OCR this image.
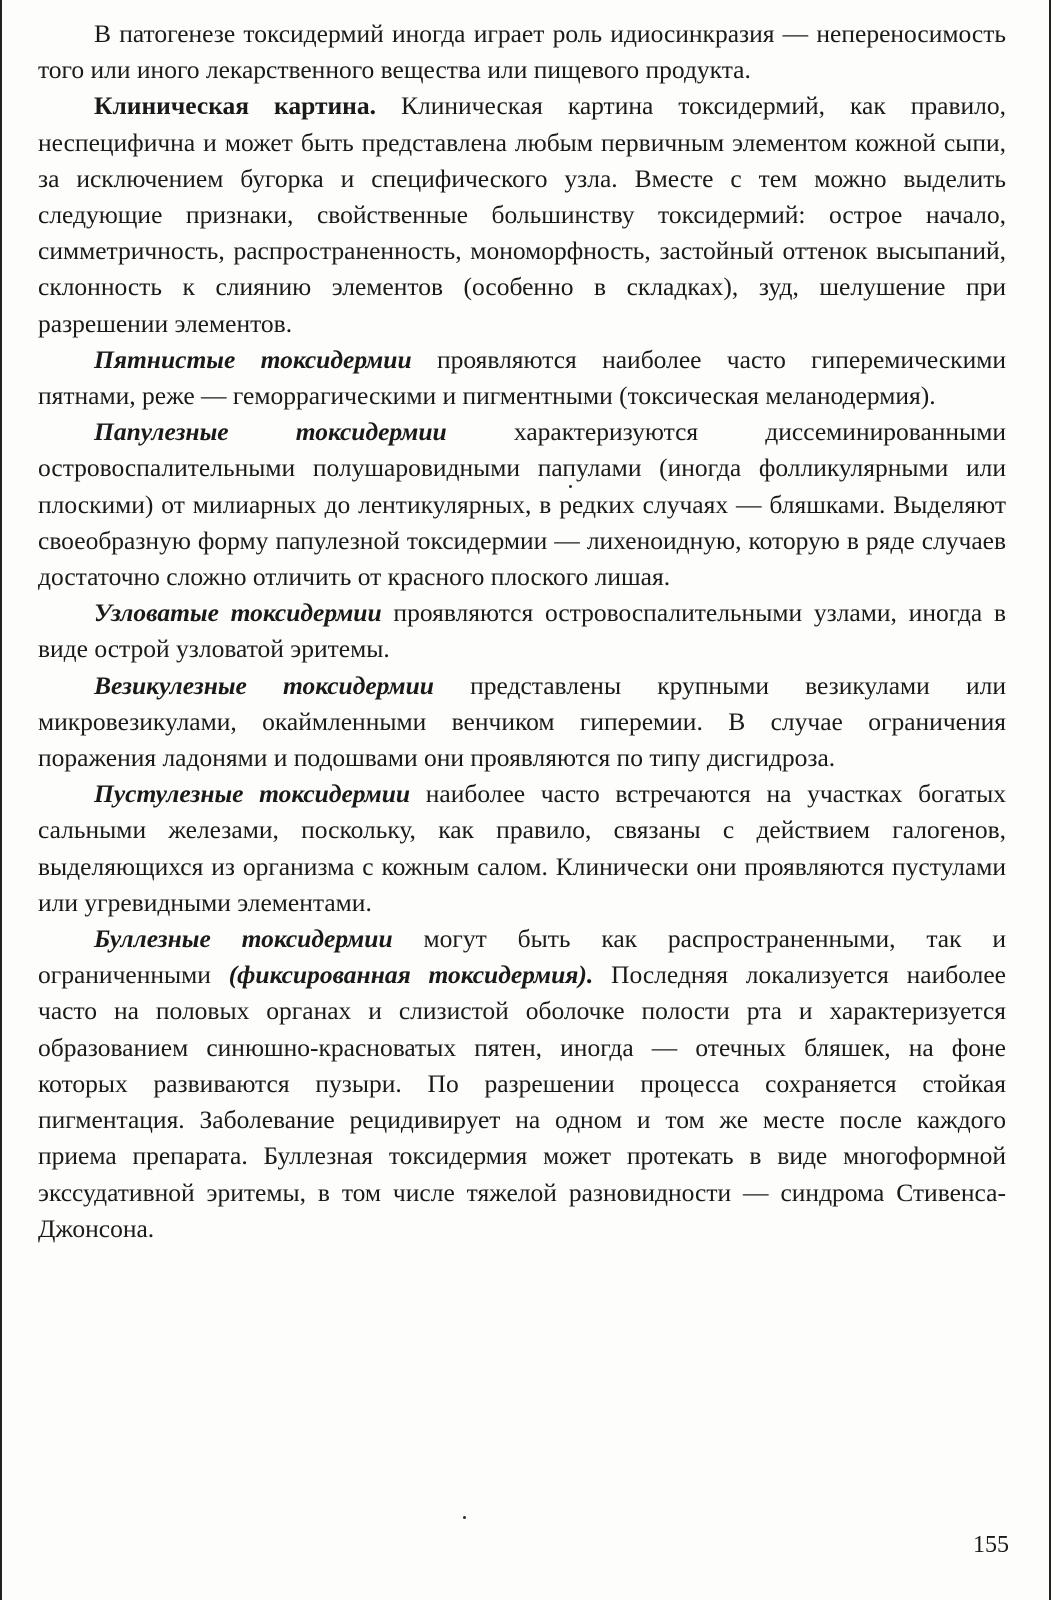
В патогенезе токсидермий иногда играет роль идиосинкразия — непереносимость того или иного лекарственного вещества или пищевого продукта.

Клиническая картина. Клиническая картина токсидермий, как правило, неспецифична и может быть представлена любым первичным элементом кожной сыпи, за исключением бугорка и специфического узла. Вместе с тем можно выделить следующие признаки, свойственные большинству токсидермий: острое начало, симметричность, распространенность, мономорфность, застойный оттенок высыпаний, склонность к слиянию элементов (особенно в складках), зуд, шелушение при разрешении элементов.

Пятнистые токсидермии проявляются наиболее часто гиперемическими пятнами, реже — геморрагическими и пигментными (токсическая меланодермия).

Папулезные токсидермии характеризуются диссеминированными островоспалительными полушаровидными папулами (иногда фолликулярными или плоскими) от милиарных до лентикулярных, в редких случаях — бляшками. Выделяют своеобразную форму папулезной токсидермии — лихеноидную, которую в ряде случаев достаточно сложно отличить от красного плоского лишая.

Узловатые токсидермии проявляются островоспалительными узлами, иногда в виде острой узловатой эритемы.

Везикулезные токсидермии представлены крупными везикулами или микровезикулами, окаймленными венчиком гиперемии. В случае ограничения поражения ладонями и подошвами они проявляются по типу дисгидроза.

Пустулезные токсидермии наиболее часто встречаются на участках богатых сальными железами, поскольку, как правило, связаны с действием галогенов, выделяющихся из организма с кожным салом. Клинически они проявляются пустулами или угревидными элементами.

Буллезные токсидермии могут быть как распространенными, так и ограниченными (фиксированная токсидермия). Последняя локализуется наиболее часто на половых органах и слизистой оболочке полости рта и характеризуется образованием синюшно-красноватых пятен, иногда — отечных бляшек, на фоне которых развиваются пузыри. По разрешении процесса сохраняется стойкая пигментация. Заболевание рецидивирует на одном и том же месте после каждого приема препарата. Буллезная токсидермия может протекать в виде многоформной экссудативной эритемы, в том числе тяжелой разновидности — синдрома Стивенса-Джонсона.

155
